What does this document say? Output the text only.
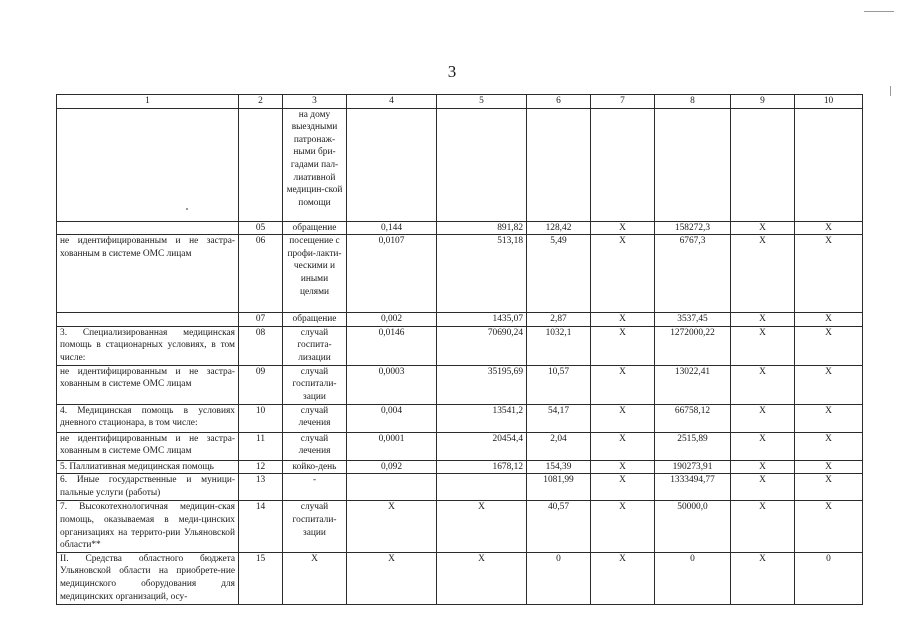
3
1	2	3	4	5	6	7	8	9	10
		на дому выездными патронаж-ными бри-гадами пал-лиативной медицин-ской помощи							
	05	обращение	0,144	891,82	128,42	X	158272,3	X	X
не идентифицированным и не застра-хованным в системе ОМС лицам	06	посещение с профи-лакти-ческими и иными целями	0,0107	513,18	5,49	X	6767,3	X	X
	07	обращение	0,002	1435,07	2,87	X	3537,45	X	X
3. Специализированная медицинская помощь в стационарных условиях, в том числе:	08	случай госпита-лизации	0,0146	70690,24	1032,1	X	1272000,22	X	X
не идентифицированным и не застра-хованным в системе ОМС лицам	09	случай госпитали-зации	0,0003	35195,69	10,57	X	13022,41	X	X
4. Медицинская помощь в условиях дневного стационара, в том числе:	10	случай лечения	0,004	13541,2	54,17	X	66758,12	X	X
не идентифицированным и не застра-хованным в системе ОМС лицам	11	случай лечения	0,0001	20454,4	2,04	X	2515,89	X	X
5. Паллиативная медицинская помощь	12	койко-день	0,092	1678,12	154,39	X	190273,91	X	X
6. Иные государственные и муници-пальные услуги (работы)	13	-			1081,99	X	1333494,77	X	X
7. Высокотехнологичная медицин-ская помощь, оказываемая в меди-цинских организациях на террито-рии Ульяновской области**	14	случай госпитали-зации	X	X	40,57	X	50000,0	X	X
II. Средства областного бюджета Ульяновской области на приобрете-ние медицинского оборудования для медицинских организаций, осу-	15	X	X	X	0	X	0	X	0
